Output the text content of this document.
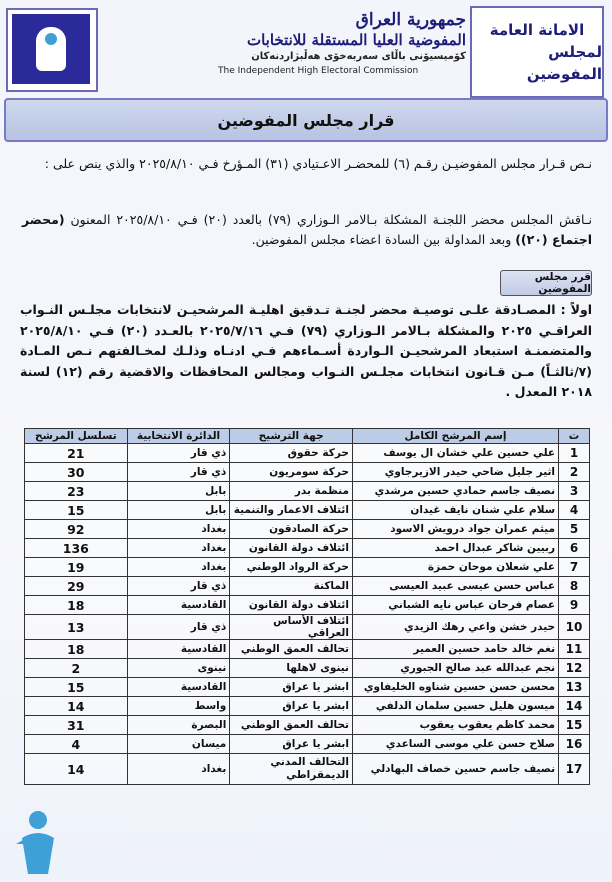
جمهورية العراق
المفوضية العليا المستقلة للانتخابات
كۆمیسیۆنی باڵای سەربەخۆی هەڵبژاردنەکان
The Independent High Electoral Commission
الامانة العامة
لمجلس المفوضين
قرار مجلس المفوضين
نـص قـرار مجلس المفوضيـن رقـم (٦) للمحضـر الاعـتيادي (٣١) المـؤرخ فـي ٢٠٢٥/٨/١٠ والذي ينص على :
نـاقش المجلس محضر اللجنـة المشكلة بـالامر الـوزاري (٧٩) بالعدد (٢٠) فـي ٢٠٢٥/٨/١٠ المعنون (محضر اجتماع (٢٠)) وبعد المداولة بين السادة اعضاء مجلس المفوضين.
قرر مجلس المفوضين
اولاً : المصـادقة علـى توصيـة محضر لجنـة تـدقيق اهليـة المرشحيـن لانتخابات مجلـس النـواب العراقـي ٢٠٢٥ والمشكلة بـالامر الـوزاري (٧٩) فـي ٢٠٢٥/٧/١٦ بالعـدد (٢٠) فـي ٢٠٢٥/٨/١٠ والمتضمنـة استبعاد المرشحيـن الـواردة أسـماءهم فـي ادنـاه وذلـك لمخـالفتهم نـص المـادة (٧/ثالثـاً) مـن قـانون انتخابات مجلـس النـواب ومجالس المحافظات والاقضية رقم (١٢) لسنة ٢٠١٨ المعدل .
ت	إسم المرشح الكامل	جهة الترشيح	الدائرة الانتخابية	تسلسل المرشح
1	علي حسين علي خشان ال يوسف	حركة حقوق	ذي قار	21
2	اثير جليل ضاحي حيدر الازيرجاوي	حركة سومريون	ذي قار	30
3	نصيف جاسم حمادي حسين مرشدي	منظمة بدر	بابل	23
4	سلام علي شنان نايف غيدان	ائتلاف الاعمار والتنمية	بابل	15
5	ميثم عمران جواد درويش الاسود	حركة الصادقون	بغداد	92
6	ربيين شاكر عبدال احمد	ائتلاف دولة القانون	بغداد	136
7	علي شعلان موحان حمزة	حركة الرواد الوطني	بغداد	19
8	عباس حسن عيسى عبيد العيسى	الماكنة	ذي قار	29
9	عصام فرحان عباس نايه الشباني	ائتلاف دولة القانون	القادسية	18
10	حيدر خشن واعي رهك الزيدي	ائتلاف الأساس العراقي	ذي قار	13
11	نغم خالد حامد حسين العمير	تحالف العمق الوطني	القادسية	18
12	نجم عبدالله عبد صالح الجبوري	نينوى لاهلها	نينوى	2
13	محسن حسن حسين شناوه الخليفاوي	ابشر يا عراق	القادسية	15
14	ميسون هليل حسين سلمان الدلفي	ابشر يا عراق	واسط	14
15	محمد كاظم يعقوب يعقوب	تحالف العمق الوطني	البصرة	31
16	صلاح حسن علي موسى الساعدي	ابشر يا عراق	ميسان	4
17	نصيف جاسم حسين خصاف البهادلي	التحالف المدني الديمقراطي	بغداد	14
